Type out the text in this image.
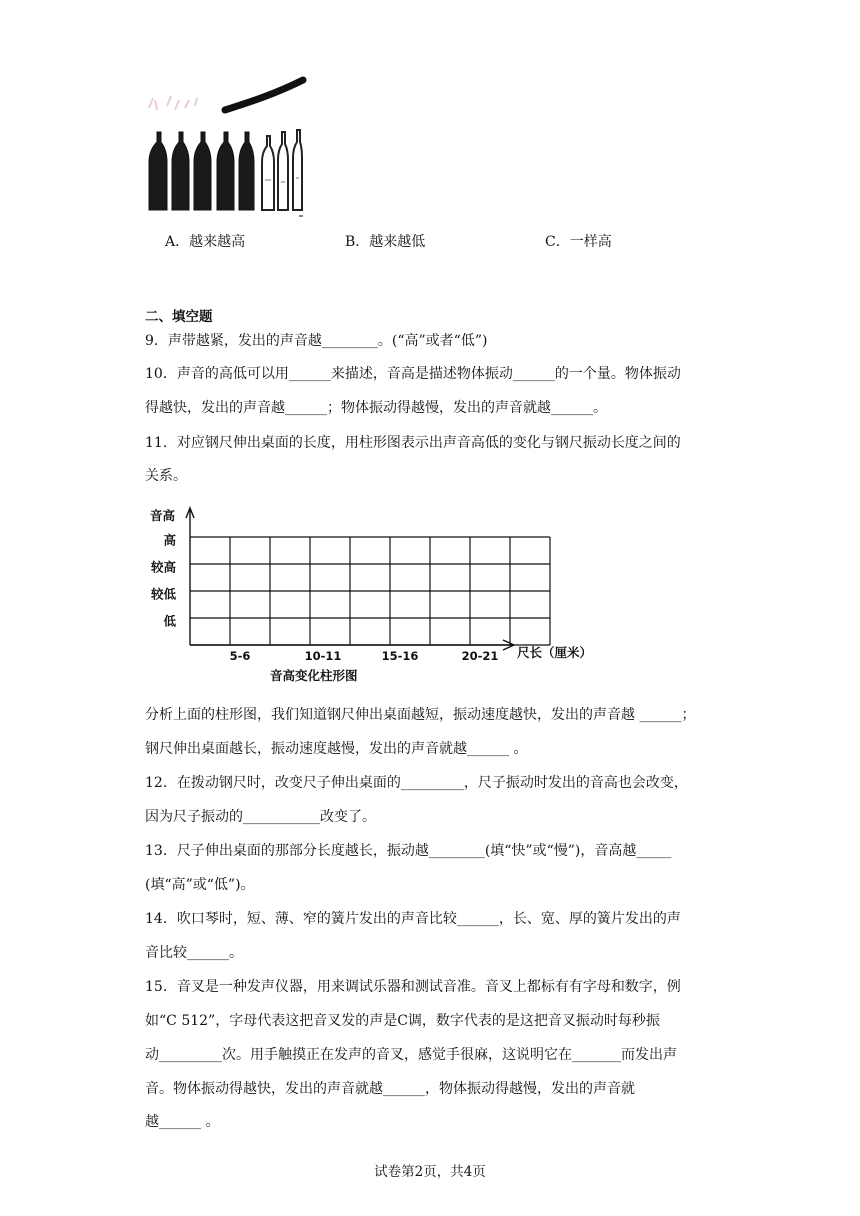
A．越来越高	B．越来越低	C．一样高
二、填空题
9．声带越紧，发出的声音越________。(“高”或者“低”)
10．声音的高低可以用______来描述，音高是描述物体振动______的一个量。物体振动
得越快，发出的声音越______；物体振动得越慢，发出的声音就越______。
11．对应钢尺伸出桌面的长度，用柱形图表示出声音高低的变化与钢尺振动长度之间的
关系。
音高
高
较高
较低
低
5-6	10-11	15-16	20-21 尺长（厘米）
音高变化柱形图
分析上面的柱形图，我们知道钢尺伸出桌面越短，振动速度越快，发出的声音越 ______；
钢尺伸出桌面越长，振动速度越慢，发出的声音就越______ 。
12．在拨动钢尺时，改变尺子伸出桌面的_________，尺子振动时发出的音高也会改变，
因为尺子振动的___________改变了。
13．尺子伸出桌面的那部分长度越长，振动越________(填“快”或“慢”)，音高越_____
(填“高”或“低”)。
14．吹口琴时，短、薄、窄的簧片发出的声音比较______，长、宽、厚的簧片发出的声
音比较______。
15．音叉是一种发声仪器，用来调试乐器和测试音准。音叉上都标有有字母和数字，例
如“C 512”，字母代表这把音叉发的声是C调，数字代表的是这把音叉振动时每秒振
动_________次。用手触摸正在发声的音叉，感觉手很麻，这说明它在_______而发出声
音。物体振动得越快，发出的声音就越______，物体振动得越慢，发出的声音就
越______ 。
试卷第2页，共4页
